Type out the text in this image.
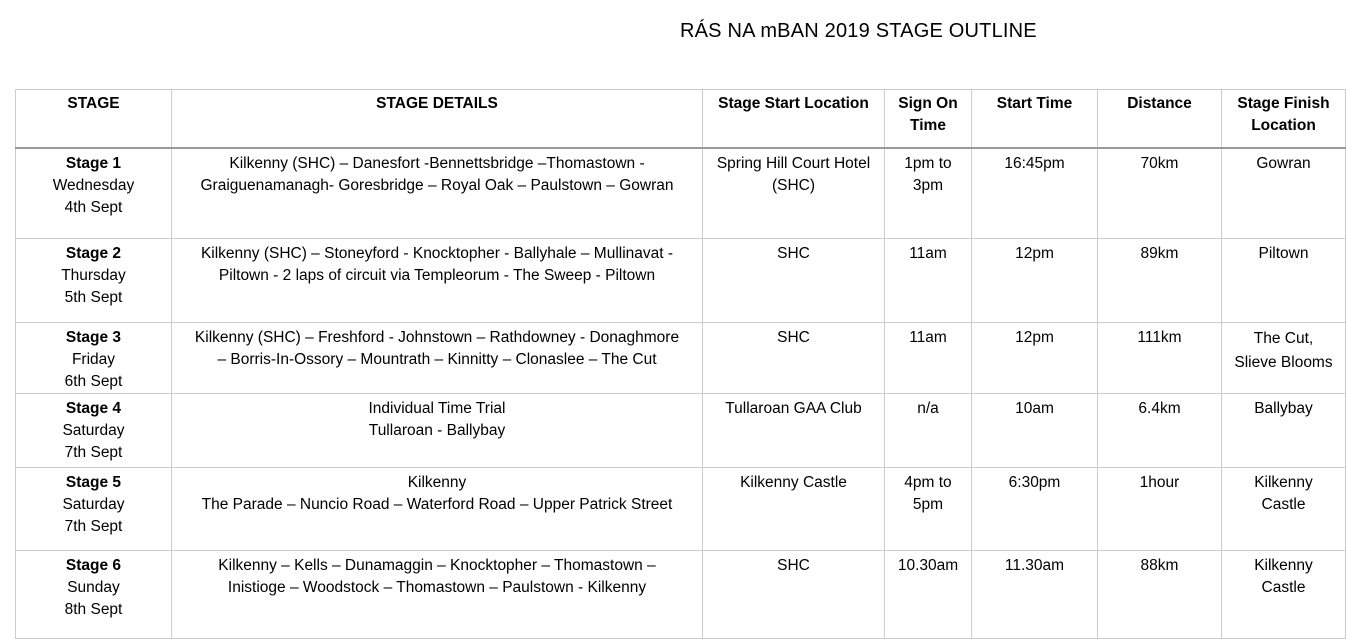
RÁS NA mBAN 2019 STAGE OUTLINE
STAGE	STAGE DETAILS	Stage Start Location	Sign On Time	Start Time	Distance	Stage Finish Location

Stage 1
Wednesday
4th Sept	Kilkenny (SHC) – Danesfort -Bennettsbridge –Thomastown -
Graiguenamanagh- Goresbridge – Royal Oak – Paulstown – Gowran	Spring Hill Court Hotel (SHC)	1pm to 3pm	16:45pm	70km	Gowran

Stage 2
Thursday
5th Sept	Kilkenny (SHC) – Stoneyford - Knocktopher - Ballyhale – Mullinavat -
Piltown - 2 laps of circuit via Templeorum - The Sweep - Piltown	SHC	11am	12pm	89km	Piltown

Stage 3
Friday
6th Sept	Kilkenny (SHC) – Freshford - Johnstown – Rathdowney - Donaghmore
– Borris-In-Ossory – Mountrath – Kinnitty – Clonaslee – The Cut	SHC	11am	12pm	111km	The Cut, Slieve Blooms

Stage 4
Saturday
7th Sept	Individual Time Trial
Tullaroan - Ballybay	Tullaroan GAA Club	n/a	10am	6.4km	Ballybay

Stage 5
Saturday
7th Sept	Kilkenny
The Parade – Nuncio Road – Waterford Road – Upper Patrick Street	Kilkenny Castle	4pm to 5pm	6:30pm	1hour	Kilkenny Castle

Stage 6
Sunday
8th Sept	Kilkenny – Kells – Dunamaggin – Knocktopher – Thomastown –
Inistioge – Woodstock – Thomastown – Paulstown - Kilkenny	SHC	10.30am	11.30am	88km	Kilkenny Castle
